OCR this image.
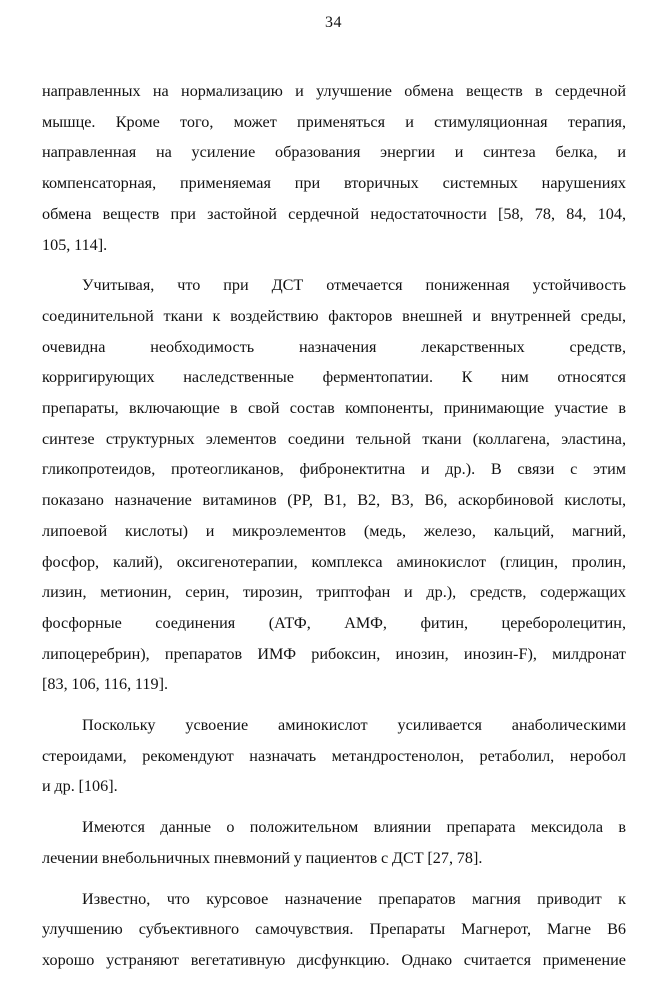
34

направленных на нормализацию и улучшение обмена веществ в сердечной
мышце. Кроме того, может применяться и стимуляционная терапия,
направленная на усиление образования энергии и синтеза белка, и
компенсаторная, применяемая при вторичных системных нарушениях
обмена веществ при застойной сердечной недостаточности [58, 78, 84, 104,
105, 114].

Учитывая, что при ДСТ отмечается пониженная устойчивость
соединительной ткани к воздействию факторов внешней и внутренней среды,
очевидна необходимость назначения лекарственных средств,
корригирующих наследственные ферментопатии. К ним относятся
препараты, включающие в свой состав компоненты, принимающие участие в
синтезе структурных элементов соедини тельной ткани (коллагена, эластина,
гликопротеидов, протеогликанов, фибронектитна и др.). В связи с этим
показано назначение витаминов (PP, B1, B2, B3, B6, аскорбиновой кислоты,
липоевой кислоты) и микроэлементов (медь, железо, кальций, магний,
фосфор, калий), оксигенотерапии, комплекса аминокислот (глицин, пролин,
лизин, метионин, серин, тирозин, триптофан и др.), средств, содержащих
фосфорные соединения (АТФ, АМФ, фитин, цереборолецитин,
липоцеребрин), препаратов ИМФ рибоксин, инозин, инозин-F), милдронат
[83, 106, 116, 119].

Поскольку усвоение аминокислот усиливается анаболическими
стероидами, рекомендуют назначать метандростенолон, ретаболил, неробол
и др. [106].

Имеются данные о положительном влиянии препарата мексидола в
лечении внебольничных пневмоний у пациентов с ДСТ [27, 78].

Известно, что курсовое назначение препаратов магния приводит к
улучшению субъективного самочувствия. Препараты Магнерот, Магне В6
хорошо устраняют вегетативную дисфункцию. Однако считается применение
